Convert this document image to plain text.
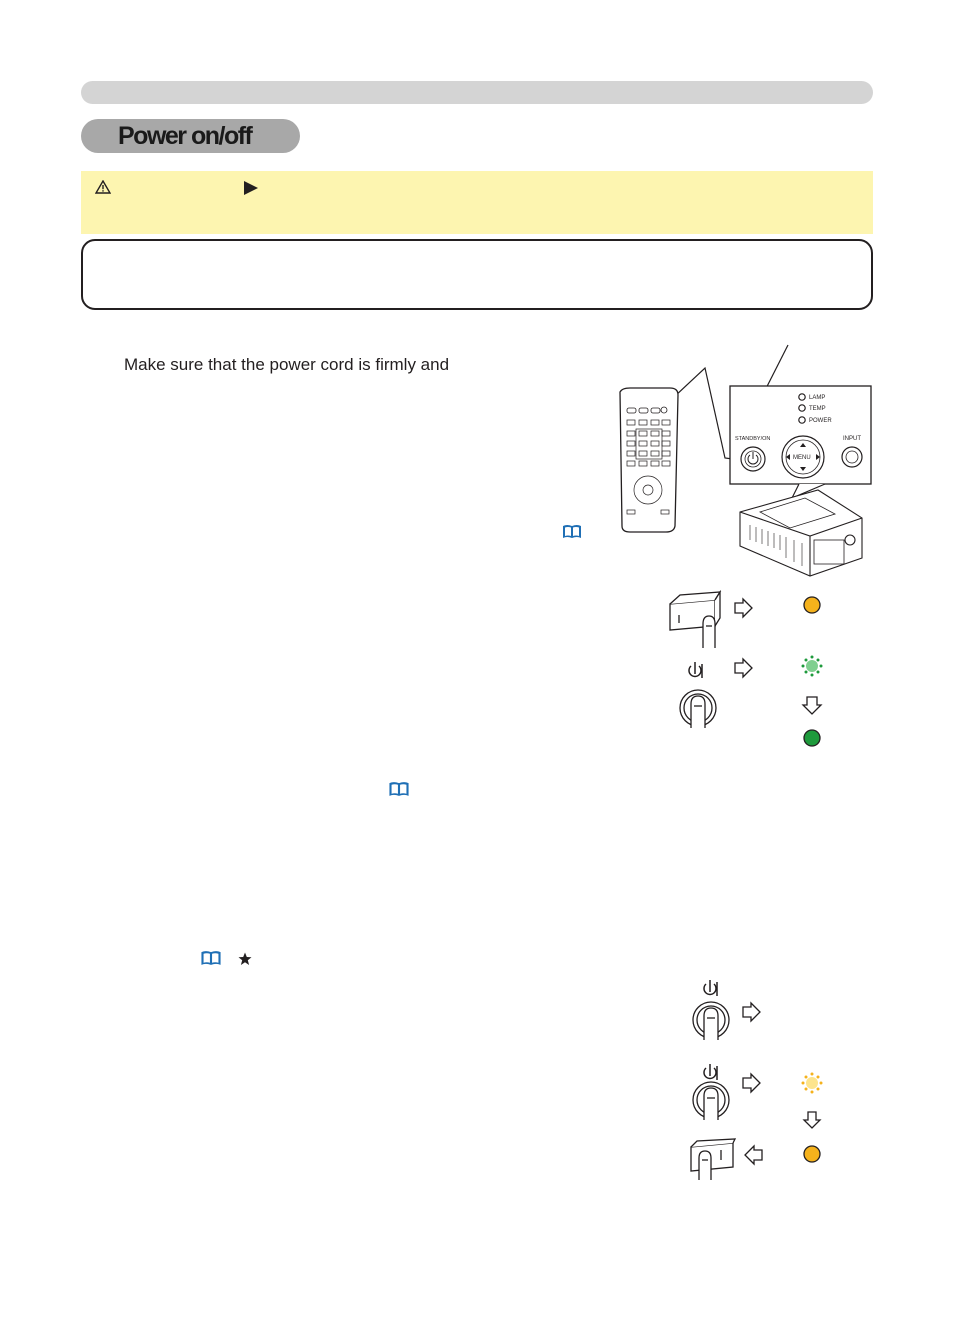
Power on/off
Make sure that the power cord is firmly and
LAMP
TEMP
POWER
STANDBY/ON
MENU
INPUT
